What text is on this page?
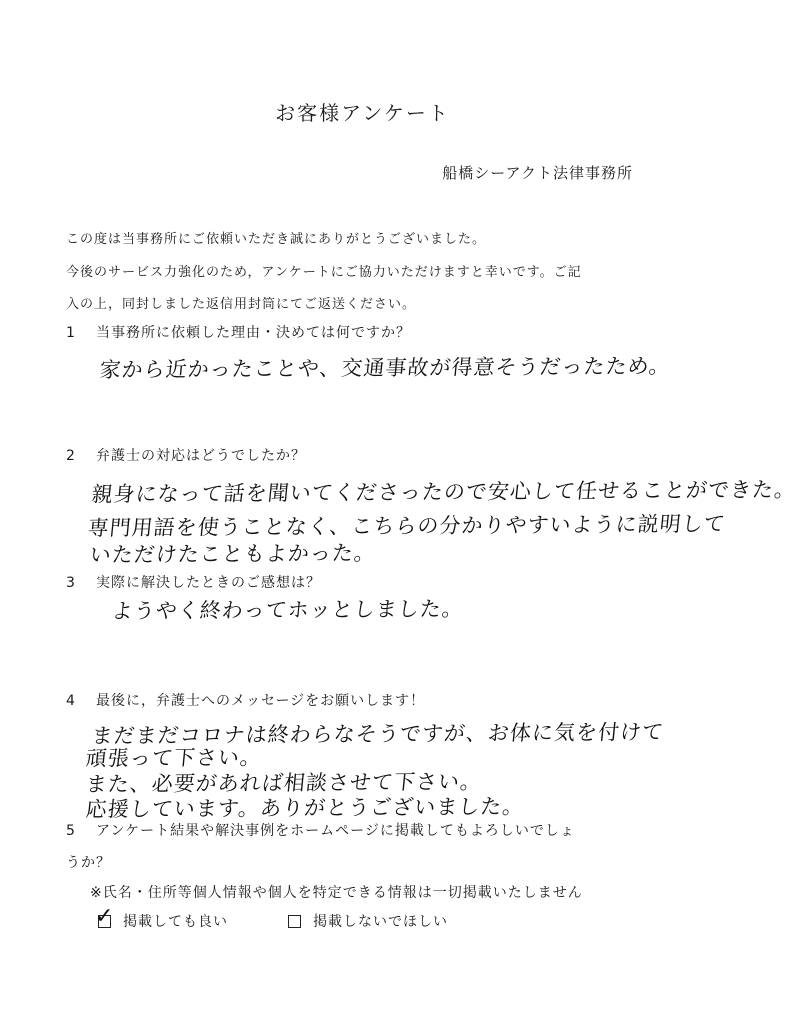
お客様アンケート
船橋シーアクト法律事務所
この度は当事務所にご依頼いただき誠にありがとうございました。
今後のサービス力強化のため，アンケートにご協力いただけますと幸いです。ご記
入の上，同封しました返信用封筒にてご返送ください。
1 当事務所に依頼した理由・決めては何ですか？
家から近かったことや、交通事故が得意そうだったため。
2 弁護士の対応はどうでしたか？
親身になって話を聞いてくださったので安心して任せることができた。
専門用語を使うことなく、こちらの分かりやすいように説明して
いただけたこともよかった。
3 実際に解決したときのご感想は？
ようやく終わってホッとしました。
4 最後に，弁護士へのメッセージをお願いします！
まだまだコロナは終わらなそうですが、お体に気を付けて
頑張って下さい。
また、必要があれば相談させて下さい。
応援しています。ありがとうございました。
5 アンケート結果や解決事例をホームページに掲載してもよろしいでしょ
うか？
※氏名・住所等個人情報や個人を特定できる情報は一切掲載いたしません
✓ 掲載しても良い	掲載しないでほしい
